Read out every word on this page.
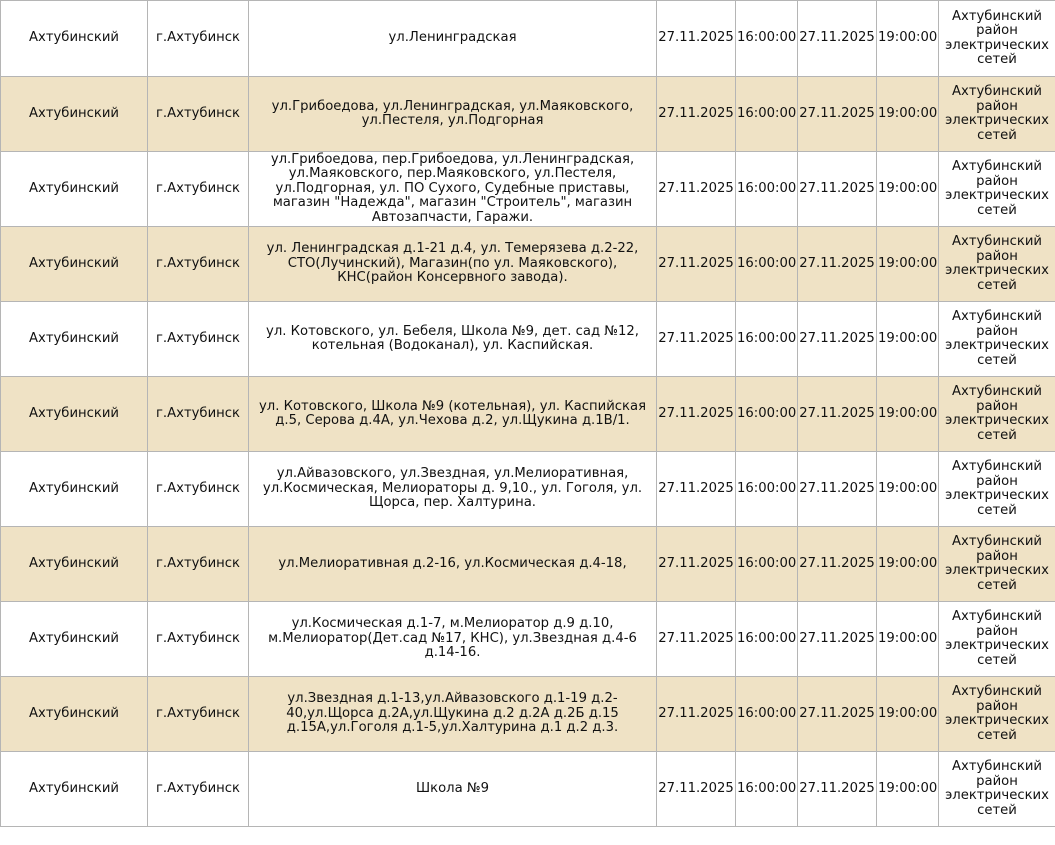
Ахтубинский	г.Ахтубинск	ул.Ленинградская	27.11.2025	16:00:00	27.11.2025	19:00:00	Ахтубинский район электрических сетей
Ахтубинский	г.Ахтубинск	ул.Грибоедова, ул.Ленинградская, ул.Маяковского, ул.Пестеля, ул.Подгорная	27.11.2025	16:00:00	27.11.2025	19:00:00	Ахтубинский район электрических сетей
Ахтубинский	г.Ахтубинск	ул.Грибоедова, пер.Грибоедова, ул.Ленинградская, ул.Маяковского, пер.Маяковского, ул.Пестеля, ул.Подгорная, ул. ПО Сухого, Судебные приставы, магазин "Надежда", магазин "Строитель", магазин Автозапчасти, Гаражи.	27.11.2025	16:00:00	27.11.2025	19:00:00	Ахтубинский район электрических сетей
Ахтубинский	г.Ахтубинск	ул. Ленинградская д.1-21 д.4, ул. Темерязева д.2-22, СТО(Лучинский), Магазин(по ул. Маяковского), КНС(район Консервного завода).	27.11.2025	16:00:00	27.11.2025	19:00:00	Ахтубинский район электрических сетей
Ахтубинский	г.Ахтубинск	ул. Котовского, ул. Бебеля, Школа №9, дет. сад №12, котельная (Водоканал), ул. Каспийская.	27.11.2025	16:00:00	27.11.2025	19:00:00	Ахтубинский район электрических сетей
Ахтубинский	г.Ахтубинск	ул. Котовского, Школа №9 (котельная), ул. Каспийская д.5, Серова д.4А, ул.Чехова д.2, ул.Щукина д.1В/1.	27.11.2025	16:00:00	27.11.2025	19:00:00	Ахтубинский район электрических сетей
Ахтубинский	г.Ахтубинск	ул.Айвазовского, ул.Звездная, ул.Мелиоративная, ул.Космическая, Мелиораторы д. 9,10., ул. Гоголя, ул. Щорса, пер. Халтурина.	27.11.2025	16:00:00	27.11.2025	19:00:00	Ахтубинский район электрических сетей
Ахтубинский	г.Ахтубинск	ул.Мелиоративная д.2-16, ул.Космическая д.4-18,	27.11.2025	16:00:00	27.11.2025	19:00:00	Ахтубинский район электрических сетей
Ахтубинский	г.Ахтубинск	ул.Космическая д.1-7, м.Мелиоратор д.9 д.10, м.Мелиоратор(Дет.сад №17, КНС), ул.Звездная д.4-6 д.14-16.	27.11.2025	16:00:00	27.11.2025	19:00:00	Ахтубинский район электрических сетей
Ахтубинский	г.Ахтубинск	ул.Звездная д.1-13,ул.Айвазовского д.1-19 д.2-40,ул.Щорса д.2А,ул.Щукина д.2 д.2А д.2Б д.15 д.15А,ул.Гоголя д.1-5,ул.Халтурина д.1 д.2 д.3.	27.11.2025	16:00:00	27.11.2025	19:00:00	Ахтубинский район электрических сетей
Ахтубинский	г.Ахтубинск	Школа №9	27.11.2025	16:00:00	27.11.2025	19:00:00	Ахтубинский район электрических сетей
